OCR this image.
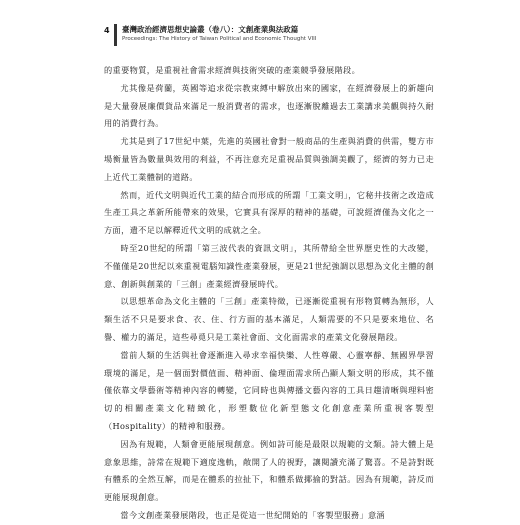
4 臺灣政治經濟思想史論叢（卷八）：文創產業與法政篇
Proceedings: The History of Taiwan Political and Economic Thought VIII

的重要物質，是重視社會需求經濟與技術突破的產業競爭發展階段。

尤其像是荷蘭，英國等追求從宗教束縛中解放出來的國家，在經濟發展上的新趨向是大量發展廉價貨品來滿足一般消費者的需求，也逐漸脫離過去工業講求美觀與持久耐用的消費行為。

尤其是到了17世紀中葉，先進的英國社會對一般商品的生產與消費的供需，雙方市場衡量皆為數量與效用的利益，不再注意充足重視品質與強調美觀了，經濟的努力已走上近代工業體制的道路。

然而，近代文明與近代工業的結合而形成的所謂「工業文明」，它秘井技術之改造成生產工具之革新所能帶來的效果，它實具有深厚的精神的基礎，可說經濟僅為文化之一方面，遺不足以解釋近代文明的成就之全。

時至20世紀的所謂「第三波代表的資訊文明」，其所帶給全世界歷史性的大改變，不僅僅是20世紀以來重視電腦知識性產業發展，更是21世紀強調以思想為文化主體的創意、創新與創業的「三創」產業經濟發展時代。

以思想革命為文化主體的「三創」產業特徵，已逐漸從重視有形物質轉為無形，人類生活不只是要求食、衣、住、行方面的基本滿足，人類需要的不只是要來地位、名譽、權力的滿足，這些尋覓只是工業社會面、文化面需求的產業文化發展階段。

當前人類的生活與社會逐漸進入尋求幸福快樂、人性尊嚴、心靈寧靜、無國界學習環境的滿足，是一個面對價值面、精神面、倫理面需求所凸顯人類文明的形成，其不僅僅依靠文學藝術等精神內容的轉變，它同時也與傳播文藝內容的工具日趨清晰與理料密切的相關產業文化精緻化，形塑數位化新型態文化創意產業所重視客製型（Hospitality）的精神和服務。

因為有規範，人類會更能展現創意。例如詩可能是最限以規範的文類。詩大體上是意象思維，詩常在規範下適度逸軌，敞開了人的視野，讓閱讀充滿了驚喜。不是詩對既有體系的全然互解，而是在體系的拉扯下，和體系做揶揄的對話。因為有規範，詩反而更能展現創意。

當今文創產業發展階段，也正是從這一世紀開始的「客製型服務」意涵
